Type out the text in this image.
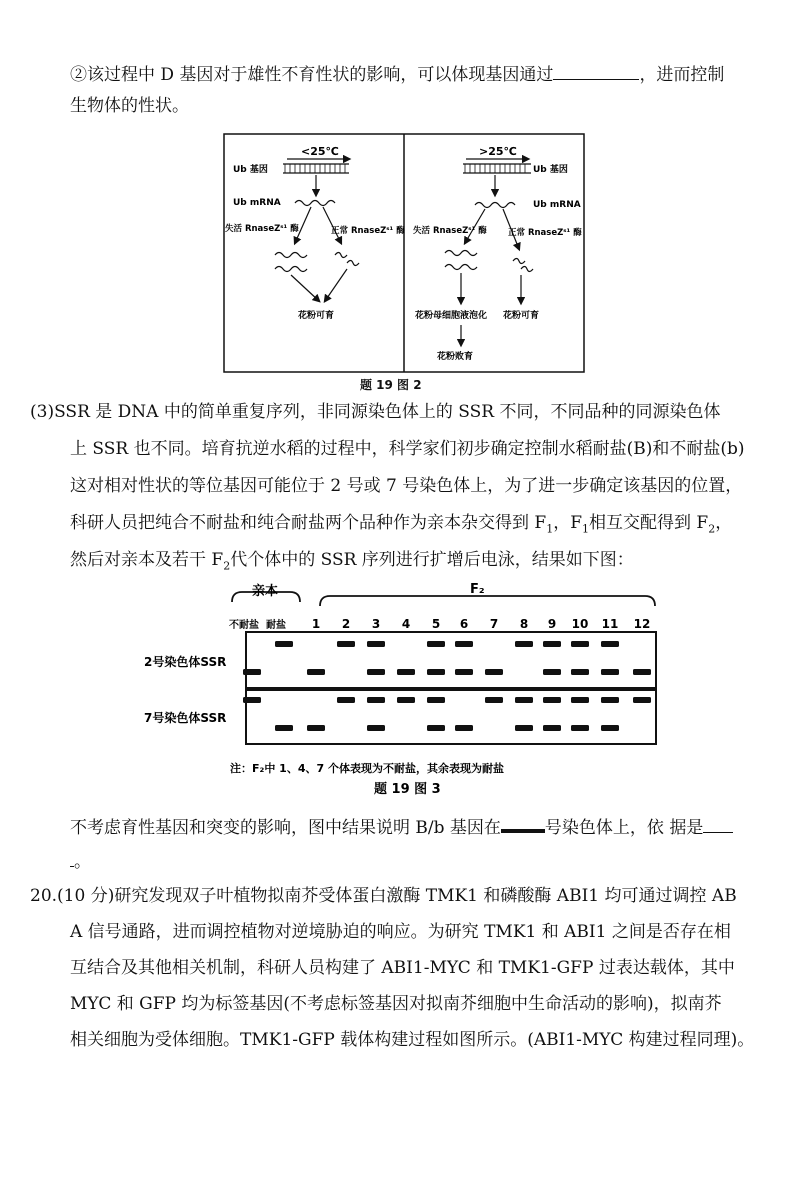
②该过程中 D 基因对于雄性不育性状的影响，可以体现基因通过	，进而控制
生物体的性状。
<25℃
Ub 基因
Ub mRNA
失活 RnaseZˢ¹ 酶	正常 RnaseZˢ¹ 酶
花粉可育
>25℃
Ub 基因
Ub mRNA
失活 RnaseZˢ¹ 酶	正常 RnaseZˢ¹ 酶
花粉母细胞液泡化 花粉可育
花粉败育
题 19 图 2
(3)SSR 是 DNA 中的简单重复序列，非同源染色体上的 SSR 不同，不同品种的同源染色体
上 SSR 也不同。培育抗逆水稻的过程中，科学家们初步确定控制水稻耐盐(B)和不耐盐(b)
这对相对性状的等位基因可能位于 2 号或 7 号染色体上，为了进一步确定该基因的位置，
科研人员把纯合不耐盐和纯合耐盐两个品种作为亲本杂交得到 $F_1$，$F_1$相互交配得到 $F_2$，
然后对亲本及若干 $F_2$代个体中的 SSR 序列进行扩增后电泳，结果如下图：
亲本	F₂
不耐盐 耐盐 1 2 3 4 5 6 7 8 9 10 11 12
2号染色体SSR
7号染色体SSR
注：F₂中 1、4、7 个体表现为不耐盐，其余表现为耐盐
题 19 图 3
不考虑育性基因和突变的影响，图中结果说明 B/b 基因在	号染色体上，依 据是
。
20.(10 分)研究发现双子叶植物拟南芥受体蛋白激酶 TMK1 和磷酸酶 ABI1 均可通过调控 AB
A 信号通路，进而调控植物对逆境胁迫的响应。为研究 TMK1 和 ABI1 之间是否存在相
互结合及其他相关机制，科研人员构建了 ABI1-MYC 和 TMK1-GFP 过表达载体，其中
MYC 和 GFP 均为标签基因(不考虑标签基因对拟南芥细胞中生命活动的影响)，拟南芥
相关细胞为受体细胞。TMK1-GFP 载体构建过程如图所示。(ABI1-MYC 构建过程同理)。
